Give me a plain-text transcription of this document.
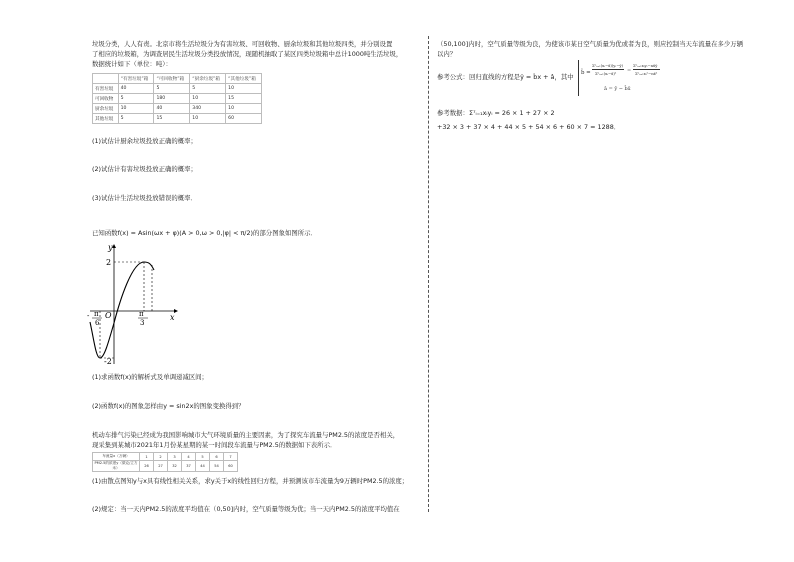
垃圾分类，人人有责。北京市将生活垃圾分为有害垃圾、可回收物、厨余垃圾和其他垃圾四类，并分别设置
了相应的垃圾箱，为调查居民生活垃圾分类投放情况，现随机抽取了某区四类垃圾箱中总计1000吨生活垃圾，
数据统计如下（单位：吨）：
	“有害垃圾”箱	“可回收物”箱	“厨余垃圾”箱	“其他垃圾”箱
有害垃圾	40	5	5	10
可回收物	5	180	10	15
厨余垃圾	10	40	340	10
其他垃圾	5	15	10	60
(1)试估计厨余垃圾投放正确的概率；
(2)试估计有害垃圾投放正确的概率；
(3)试估计生活垃圾投放错误的概率．
已知函数f(x) = Asin(ωx + φ)(A > 0,ω > 0,|φ| < π/2)的部分图象如图所示．
y
x
O
2
-2
- π
6
π
3
(1)求函数f(x)的解析式及单调递减区间；
(2)函数f(x)的图象怎样由y = sin2x的图象变换得到？
机动车排气污染已经成为我国影响城市大气环境质量的主要因素，为了探究车流量与PM2.5的浓度是否相关，
现采集到某城市2021年1月份某星期的某一时间段车流量与PM2.5的数据如下表所示．
车流量x（万辆）	1	2	3	4	5	6	7
PM2.5的浓度y（微克/立方米）	26	27	32	37	44	54	60
(1)由散点图知y与x具有线性相关关系，求y关于x的线性回归方程，并预测该市车流量为9万辆时PM2.5的浓度；
(2)规定：当一天内PM2.5的浓度平均值在（0,50]内时，空气质量等级为优；当一天内PM2.5的浓度平均值在
（50,100]内时，空气质量等级为良，为使该市某日空气质量为优或者为良，则应控制当天车流量在多少万辆
以内？
参考公式：回归直线的方程是ŷ = b̂x + â，其中 b̂ =
Σⁿᵢ₌₁(xᵢ−x̄)(yᵢ−ȳ)
Σⁿᵢ₌₁(xᵢ−x̄)² =
Σⁿᵢ₌₁xᵢyᵢ−nx̄ȳ
Σⁿᵢ₌₁xᵢ²−nx̄²
â = ȳ − b̂x̄
参考数据：Σ⁷ᵢ₌₁xᵢyᵢ = 26 × 1 + 27 × 2
+32 × 3 + 37 × 4 + 44 × 5 + 54 × 6 + 60 × 7 = 1288．
